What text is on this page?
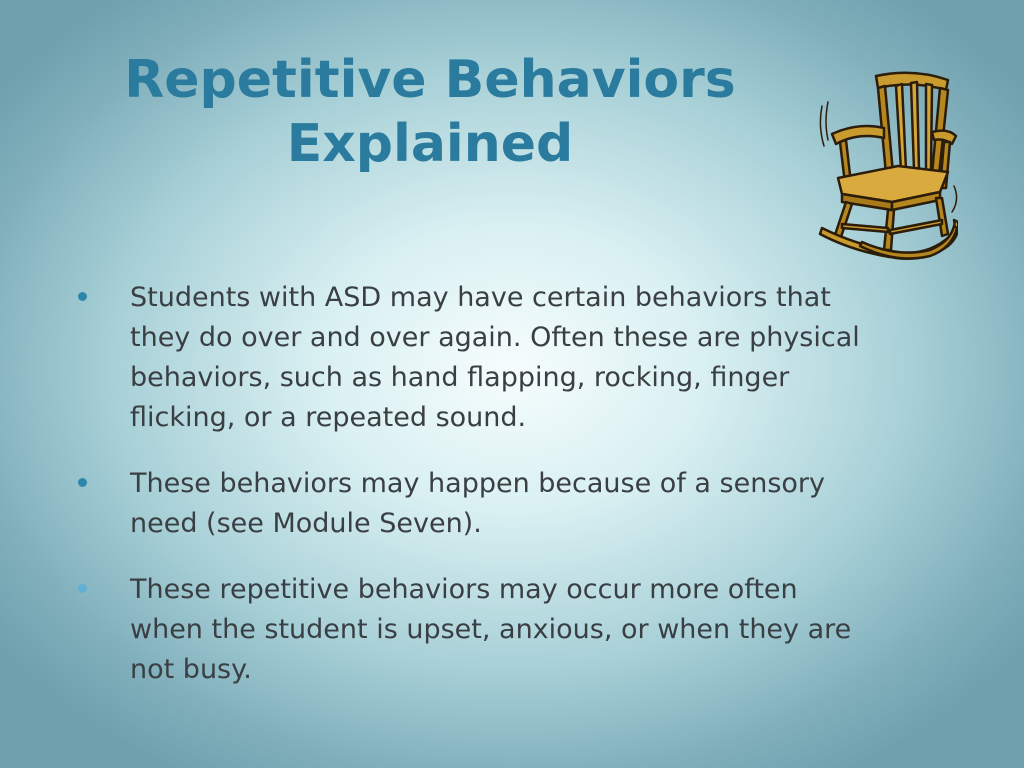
Repetitive Behaviors
Explained
Students with ASD may have certain behaviors that they do over and over again. Often these are physical behaviors, such as hand flapping, rocking, finger flicking, or a repeated sound.
These behaviors may happen because of a sensory need (see Module Seven).
These repetitive behaviors may occur more often when the student is upset, anxious, or when they are not busy.
